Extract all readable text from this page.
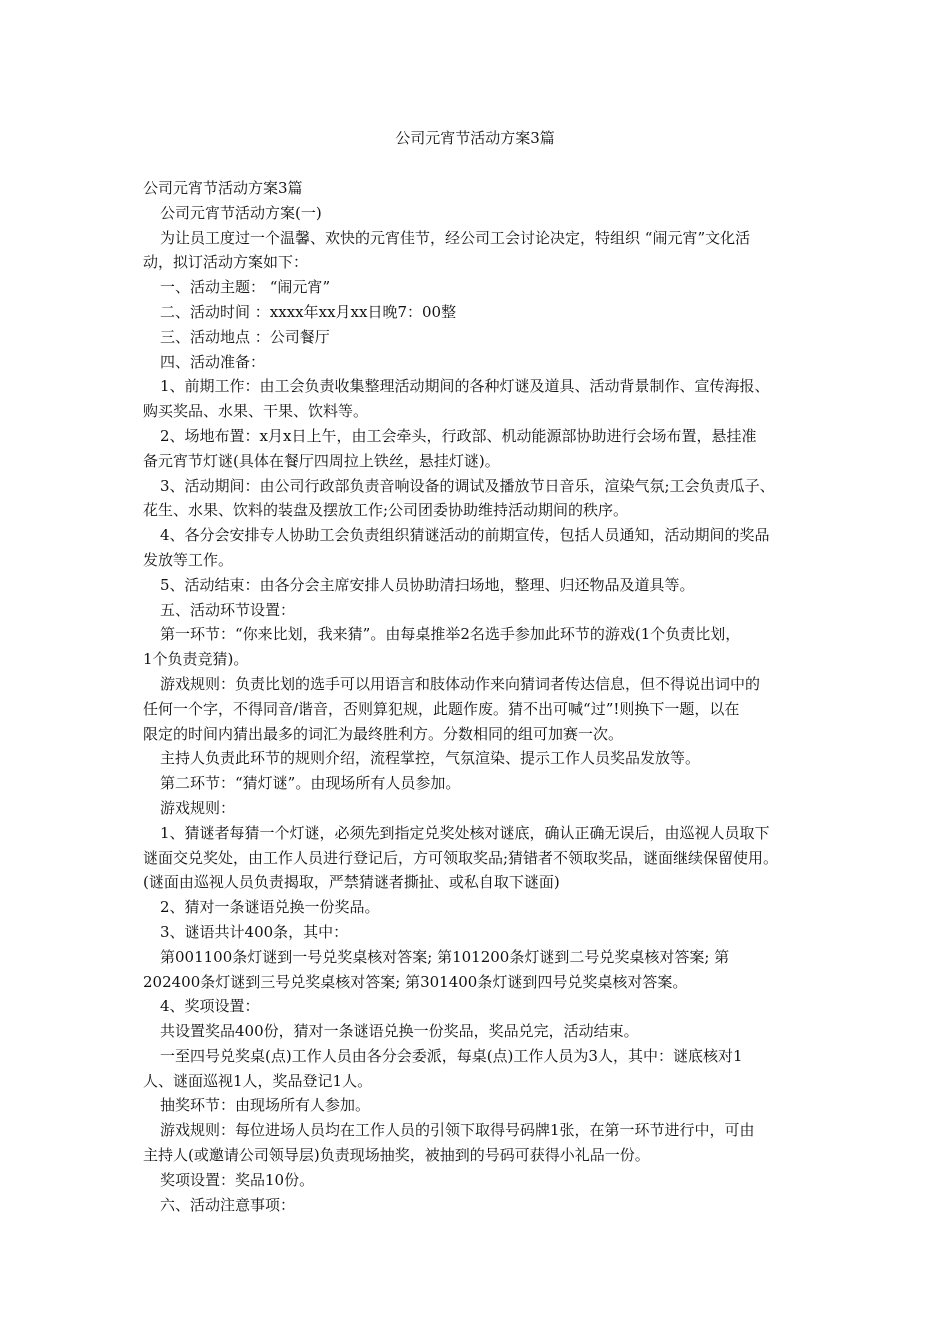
公司元宵节活动方案3篇

公司元宵节活动方案3篇

公司元宵节活动方案(一)

为让员工度过一个温馨、欢快的元宵佳节，经公司工会讨论决定，特组织 “闹元宵”文化活

动，拟订活动方案如下：

一、活动主题： “闹元宵”

二、活动时间 ：xxxx年xx月xx日晚7：00整

三、活动地点 ：公司餐厅

四、活动准备：

1、前期工作：由工会负责收集整理活动期间的各种灯谜及道具、活动背景制作、宣传海报、

购买奖品、水果、干果、饮料等。

2、场地布置：x月x日上午，由工会牵头，行政部、机动能源部协助进行会场布置，悬挂准

备元宵节灯谜(具体在餐厅四周拉上铁丝，悬挂灯谜)。

3、活动期间：由公司行政部负责音响设备的调试及播放节日音乐，渲染气氛;工会负责瓜子、

花生、水果、饮料的装盘及摆放工作;公司团委协助维持活动期间的秩序。

4、各分会安排专人协助工会负责组织猜谜活动的前期宣传，包括人员通知，活动期间的奖品

发放等工作。

5、活动结束：由各分会主席安排人员协助清扫场地，整理、归还物品及道具等。

五、活动环节设置：

第一环节：“你来比划，我来猜”。由每桌推举2名选手参加此环节的游戏(1个负责比划，

1个负责竞猜)。

游戏规则：负责比划的选手可以用语言和肢体动作来向猜词者传达信息，但不得说出词中的

任何一个字，不得同音/谐音，否则算犯规，此题作废。猜不出可喊“过”!则换下一题，以在

限定的时间内猜出最多的词汇为最终胜利方。分数相同的组可加赛一次。

主持人负责此环节的规则介绍，流程掌控，气氛渲染、提示工作人员奖品发放等。

第二环节：“猜灯谜”。由现场所有人员参加。

游戏规则：

1、猜谜者每猜一个灯谜，必须先到指定兑奖处核对谜底，确认正确无误后，由巡视人员取下

谜面交兑奖处，由工作人员进行登记后，方可领取奖品;猜错者不领取奖品，谜面继续保留使用。

(谜面由巡视人员负责揭取，严禁猜谜者撕扯、或私自取下谜面)

2、猜对一条谜语兑换一份奖品。

3、谜语共计400条，其中：

第001100条灯谜到一号兑奖桌核对答案; 第101200条灯谜到二号兑奖桌核对答案; 第

202400条灯谜到三号兑奖桌核对答案; 第301400条灯谜到四号兑奖桌核对答案。

4、奖项设置：

共设置奖品400份，猜对一条谜语兑换一份奖品，奖品兑完，活动结束。

一至四号兑奖桌(点)工作人员由各分会委派，每桌(点)工作人员为3人，其中：谜底核对1

人、谜面巡视1人，奖品登记1人。

抽奖环节：由现场所有人参加。

游戏规则：每位进场人员均在工作人员的引领下取得号码牌1张，在第一环节进行中，可由

主持人(或邀请公司领导层)负责现场抽奖，被抽到的号码可获得小礼品一份。

奖项设置：奖品10份。

六、活动注意事项：
